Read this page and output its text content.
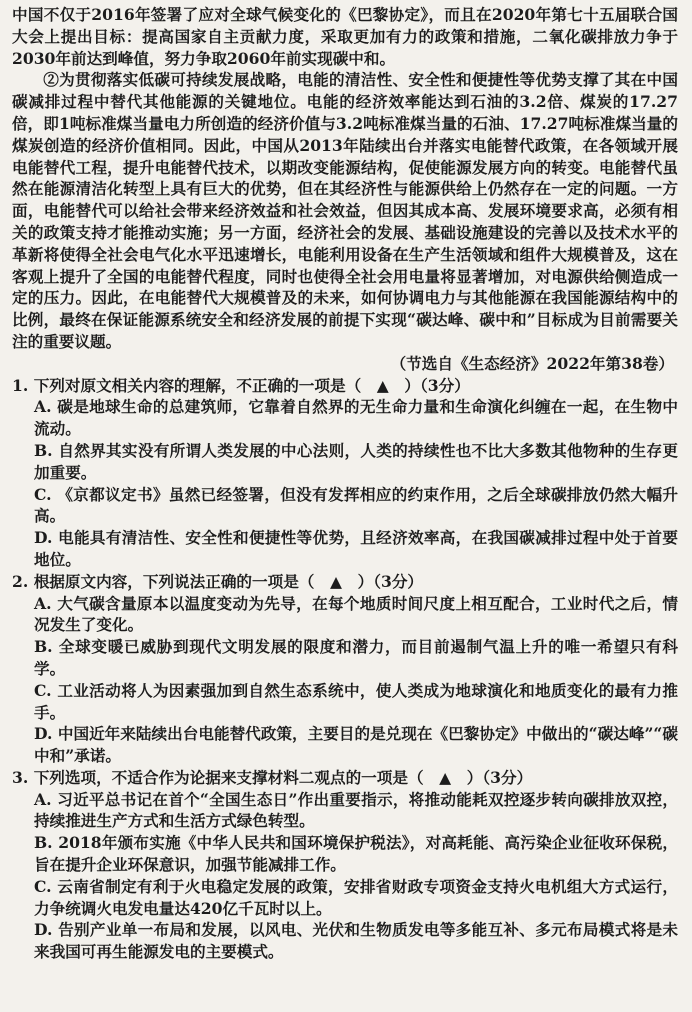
中国不仅于2016年签署了应对全球气候变化的《巴黎协定》，而且在2020年第七十五届联合国大会上提出目标：提高国家自主贡献力度，采取更加有力的政策和措施，二氧化碳排放力争于2030年前达到峰值，努力争取2060年前实现碳中和。

②为贯彻落实低碳可持续发展战略，电能的清洁性、安全性和便捷性等优势支撑了其在中国碳减排过程中替代其他能源的关键地位。电能的经济效率能达到石油的3.2倍、煤炭的17.27倍，即1吨标准煤当量电力所创造的经济价值与3.2吨标准煤当量的石油、17.27吨标准煤当量的煤炭创造的经济价值相同。因此，中国从2013年陆续出台并落实电能替代政策，在各领域开展电能替代工程，提升电能替代技术，以期改变能源结构，促使能源发展方向的转变。电能替代虽然在能源清洁化转型上具有巨大的优势，但在其经济性与能源供给上仍然存在一定的问题。一方面，电能替代可以给社会带来经济效益和社会效益，但因其成本高、发展环境要求高，必须有相关的政策支持才能推动实施；另一方面，经济社会的发展、基础设施建设的完善以及技术水平的革新将使得全社会电气化水平迅速增长，电能利用设备在生产生活领域和组件大规模普及，这在客观上提升了全国的电能替代程度，同时也使得全社会用电量将显著增加，对电源供给侧造成一定的压力。因此，在电能替代大规模普及的未来，如何协调电力与其他能源在我国能源结构中的比例，最终在保证能源系统安全和经济发展的前提下实现“碳达峰、碳中和”目标成为目前需要关注的重要议题。

（节选自《生态经济》2022年第38卷）

1. 下列对原文相关内容的理解，不正确的一项是（　▲　）（3分）

A. 碳是地球生命的总建筑师，它靠着自然界的无生命力量和生命演化纠缠在一起，在生物中流动。

B. 自然界其实没有所谓人类发展的中心法则，人类的持续性也不比大多数其他物种的生存更加重要。

C. 《京都议定书》虽然已经签署，但没有发挥相应的约束作用，之后全球碳排放仍然大幅升高。

D. 电能具有清洁性、安全性和便捷性等优势，且经济效率高，在我国碳减排过程中处于首要地位。

2. 根据原文内容，下列说法正确的一项是（　▲　）（3分）

A. 大气碳含量原本以温度变动为先导，在每个地质时间尺度上相互配合，工业时代之后，情况发生了变化。

B. 全球变暖已威胁到现代文明发展的限度和潜力，而目前遏制气温上升的唯一希望只有科学。

C. 工业活动将人为因素强加到自然生态系统中，使人类成为地球演化和地质变化的最有力推手。

D. 中国近年来陆续出台电能替代政策，主要目的是兑现在《巴黎协定》中做出的“碳达峰”“碳中和”承诺。

3. 下列选项，不适合作为论据来支撑材料二观点的一项是（　▲　）（3分）

A. 习近平总书记在首个“全国生态日”作出重要指示，将推动能耗双控逐步转向碳排放双控，持续推进生产方式和生活方式绿色转型。

B. 2018年颁布实施《中华人民共和国环境保护税法》，对高耗能、高污染企业征收环保税，旨在提升企业环保意识，加强节能减排工作。

C. 云南省制定有利于火电稳定发展的政策，安排省财政专项资金支持火电机组大方式运行，力争统调火电发电量达420亿千瓦时以上。

D. 告别产业单一布局和发展，以风电、光伏和生物质发电等多能互补、多元布局模式将是未来我国可再生能源发电的主要模式。
